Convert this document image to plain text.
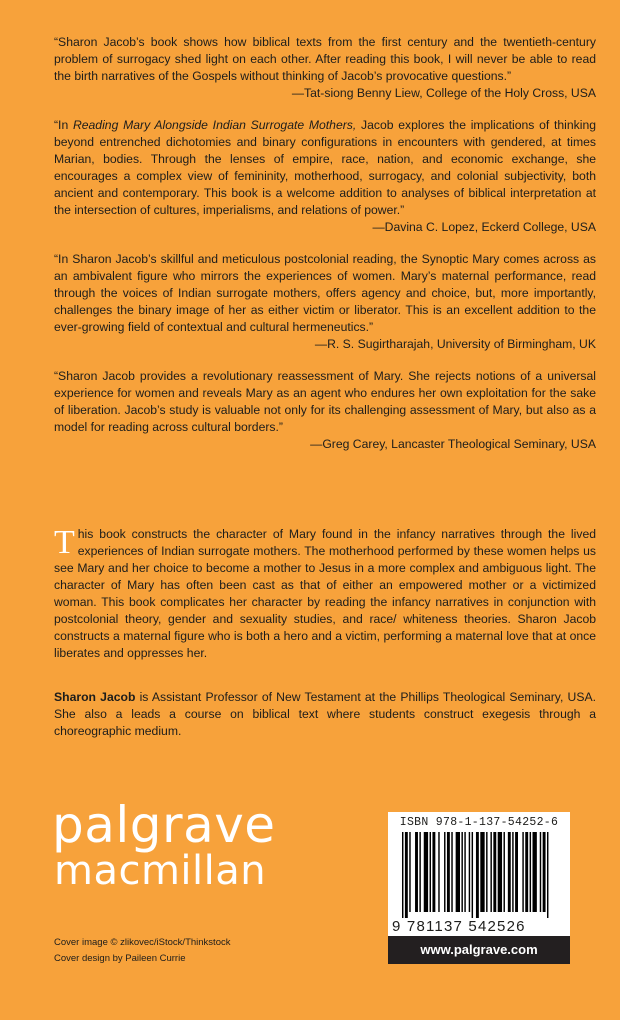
“Sharon Jacob’s book shows how biblical texts from the first century and the twentieth-century problem of surrogacy shed light on each other. After reading this book, I will never be able to read the birth narratives of the Gospels without thinking of Jacob’s provocative questions.”

—Tat-siong Benny Liew, College of the Holy Cross, USA

“In Reading Mary Alongside Indian Surrogate Mothers, Jacob explores the implications of thinking beyond entrenched dichotomies and binary configurations in encounters with gendered, at times Marian, bodies. Through the lenses of empire, race, nation, and economic exchange, she encourages a complex view of femininity, motherhood, surrogacy, and colonial subjectivity, both ancient and contemporary. This book is a welcome addition to analyses of biblical interpretation at the intersection of cultures, imperialisms, and relations of power.”

—Davina C. Lopez, Eckerd College, USA

“In Sharon Jacob’s skillful and meticulous postcolonial reading, the Synoptic Mary comes across as an ambivalent figure who mirrors the experiences of women. Mary’s maternal performance, read through the voices of Indian surrogate mothers, offers agency and choice, but, more importantly, challenges the binary image of her as either victim or liberator. This is an excellent addition to the ever-growing field of contextual and cultural hermeneutics.”

—R. S. Sugirtharajah, University of Birmingham, UK

“Sharon Jacob provides a revolutionary reassessment of Mary. She rejects notions of a universal experience for women and reveals Mary as an agent who endures her own exploitation for the sake of liberation. Jacob’s study is valuable not only for its challenging assessment of Mary, but also as a model for reading across cultural borders.”

—Greg Carey, Lancaster Theological Seminary, USA

This book constructs the character of Mary found in the infancy narratives through the lived experiences of Indian surrogate mothers. The motherhood performed by these women helps us see Mary and her choice to become a mother to Jesus in a more complex and ambiguous light. The character of Mary has often been cast as that of either an empowered mother or a victimized woman. This book complicates her character by reading the infancy narratives in conjunction with postcolonial theory, gender and sexuality studies, and race/ whiteness theories. Sharon Jacob constructs a maternal figure who is both a hero and a victim, performing a maternal love that at once liberates and oppresses her.

Sharon Jacob is Assistant Professor of New Testament at the Phillips Theological Seminary, USA. She also a leads a course on biblical text where students construct exegesis through a choreographic medium.

palgrave
macmillan
Cover image © zlikovec/iStock/Thinkstock
Cover design by Paileen Currie
ISBN 978-1-137-54252-6
9 781137 542526
www.palgrave.com
